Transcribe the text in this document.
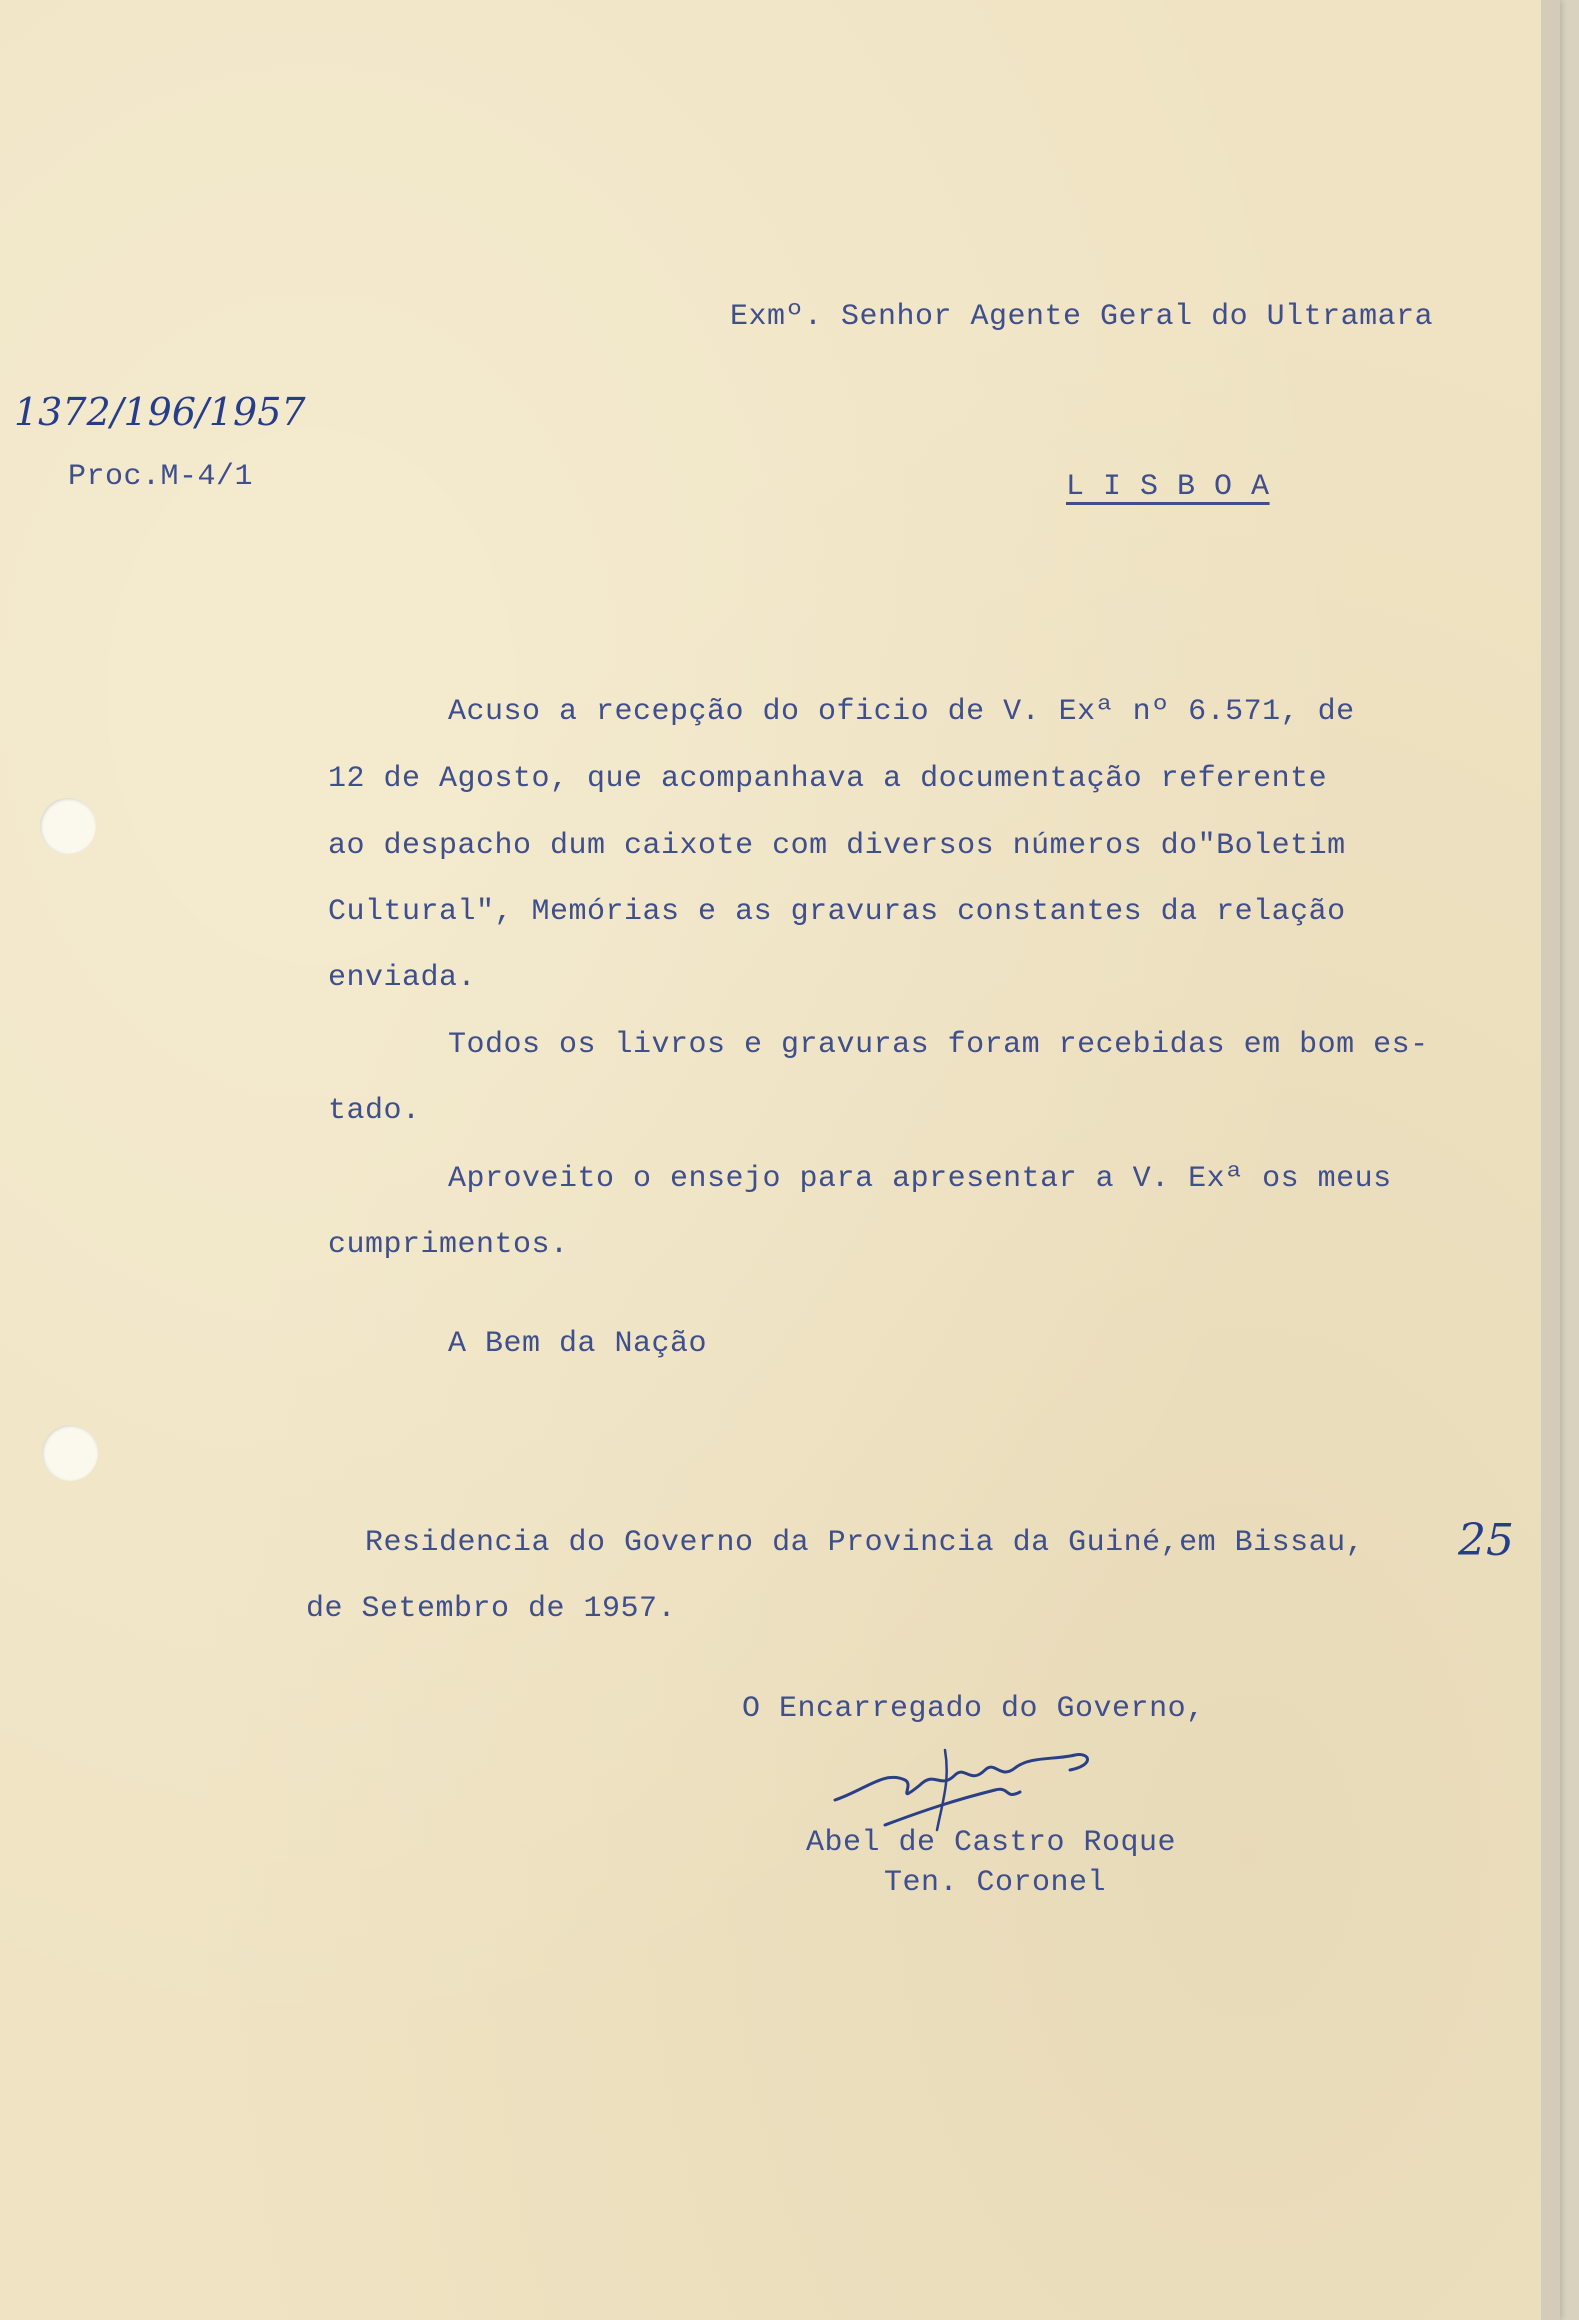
Exmº. Senhor Agente Geral do Ultramara
1372/196/1957
Proc.M-4/1	L I S B O A
Acuso a recepção do oficio de V. Exª nº 6.571, de
12 de Agosto, que acompanhava a documentação referente
ao despacho dum caixote com diversos números do"Boletim
Cultural", Memórias e as gravuras constantes da relação
enviada.
Todos os livros e gravuras foram recebidas em bom es-
tado.
Aproveito o ensejo para apresentar a V. Exª os meus
cumprimentos.
A Bem da Nação
Residencia do Governo da Provincia da Guiné,em Bissau, 25
de Setembro de 1957.
O Encarregado do Governo,
Abel de Castro Roque
Ten. Coronel
